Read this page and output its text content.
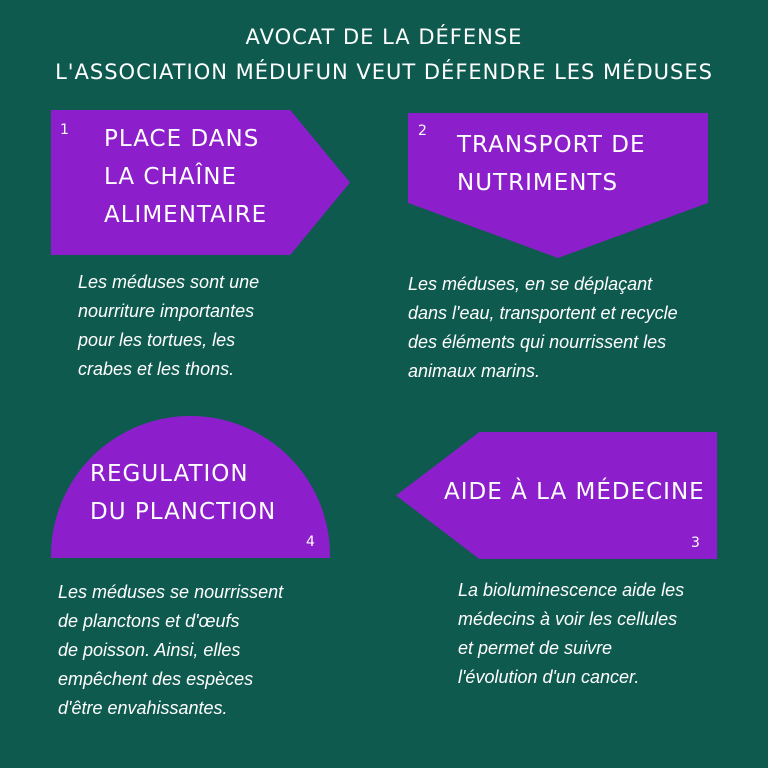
AVOCAT DE LA DÉFENSE
L'ASSOCIATION MÉDUFUN VEUT DÉFENDRE LES MÉDUSES
1 PLACE DANS
LA CHAÎNE
ALIMENTAIRE
Les méduses sont une
nourriture importantes
pour les tortues, les
crabes et les thons.
2
TRANSPORT DE
NUTRIMENTS
Les méduses, en se déplaçant
dans l'eau, transportent et recycle
des éléments qui nourrissent les
animaux marins.
REGULATION
DU PLANCTION
4
Les méduses se nourrissent
de planctons et d'œufs
de poisson. Ainsi, elles
empêchent des espèces
d'être envahissantes.
AIDE À LA MÉDECINE
3
La bioluminescence aide les
médecins à voir les cellules
et permet de suivre
l'évolution d'un cancer.
